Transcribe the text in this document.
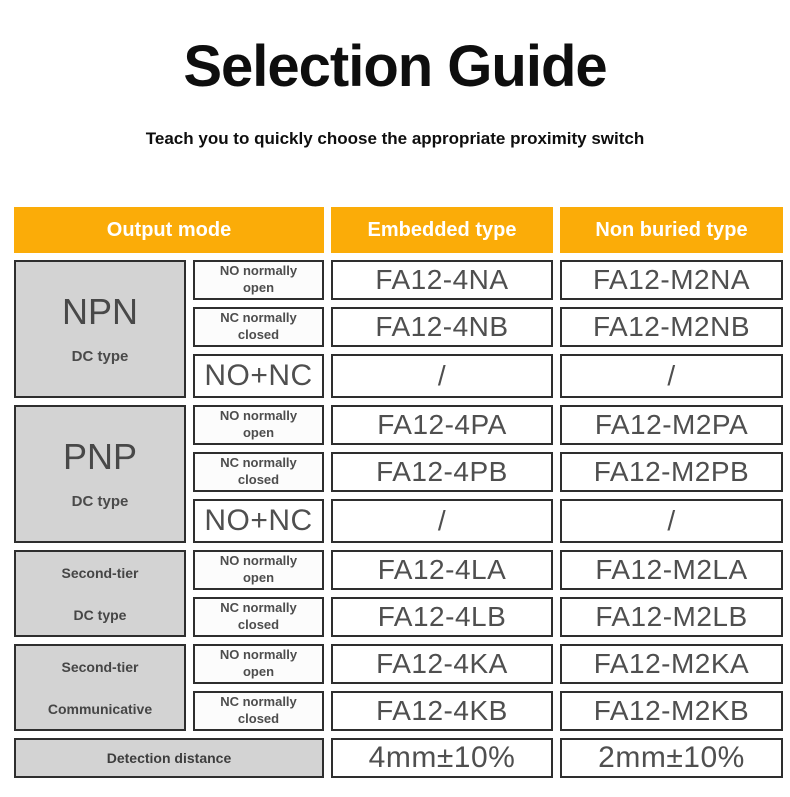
Selection Guide
Teach you to quickly choose the appropriate proximity switch
Output mode	Embedded type	Non buried type
NPN
DC type
NO normally open	FA12-4NA	FA12-M2NA
NC normally closed	FA12-4NB	FA12-M2NB
NO+NC	/	/
PNP
DC type
NO normally open	FA12-4PA	FA12-M2PA
NC normally closed	FA12-4PB	FA12-M2PB
NO+NC	/	/
Second-tier
DC type
NO normally open	FA12-4LA	FA12-M2LA
NC normally closed	FA12-4LB	FA12-M2LB
Second-tier
Communicative
NO normally open	FA12-4KA	FA12-M2KA
NC normally closed	FA12-4KB	FA12-M2KB
Detection distance	4mm±10%	2mm±10%
